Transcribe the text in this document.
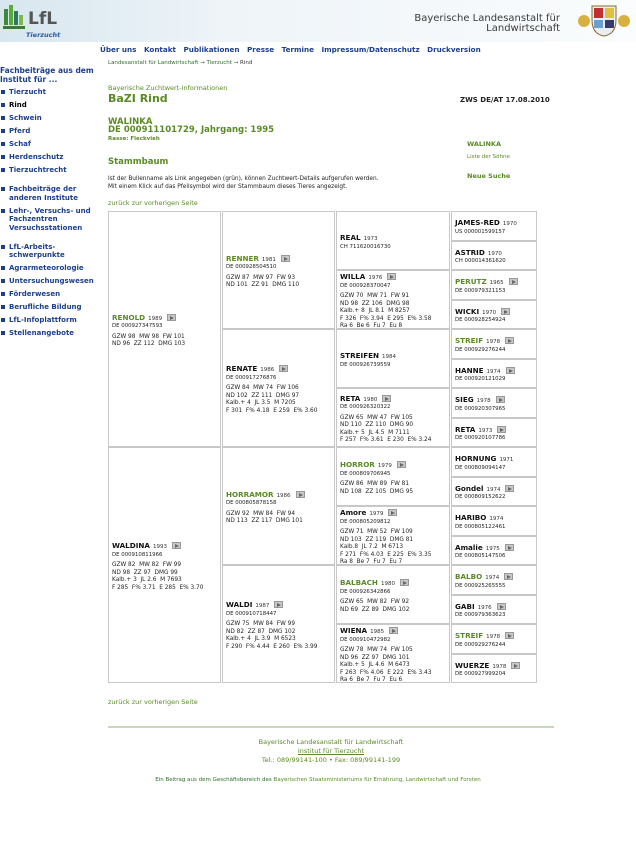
LfL
Tierzucht
Bayerische Landesanstalt für
Landwirtschaft
Über uns Kontakt Publikationen Presse Termine Impressum/Datenschutz Druckversion
Landesanstalt für Landwirtschaft → Tierzucht → Rind
Fachbeiträge aus dem Institut für ...
Tierzucht
Rind
Schwein
Pferd
Schaf
Herdenschutz
Tierzuchtrecht
Fachbeiträge der anderen Institute
Lehr-, Versuchs- und Fachzentren Versuchsstationen
LfL-Arbeits-schwerpunkte
Agrarmeteorologie
Untersuchungswesen
Förderwesen
Berufliche Bildung
LfL-Infoplattform
Stellenangebote
Bayerische Zuchtwert-Informationen
BaZI Rind	ZWS DE/AT 17.08.2010
WALINKA
DE 000911101729, Jahrgang: 1995
Rasse: Fleckvieh
WALINKA
Liste der Söhne
Neue Suche
Stammbaum
Ist der Bullenname als Link angegeben (grün), können Zuchtwert-Details aufgerufen werden.
Mit einem Klick auf das Pfeilsymbol wird der Stammbaum dieses Tieres angezeigt.
zurück zur vorherigen Seite
RENOLD 1989
DE 000927347593
GZW 98  MW 98  FW 101
ND 96  ZZ 112  DMG 103
WALDINA 1993
DE 000910811966
GZW 82  MW 82  FW 99
ND 98  ZZ 97  DMG 99
Kalb.+ 3  JL 2.6  M 7693
F 285  F% 3.71  E 285  E% 3.70
RENNER 1981
DE 000928504510
GZW 87  MW 97  FW 93
ND 101  ZZ 91  DMG 110
RENATE 1986
DE 000917276876
GZW 84  MW 74  FW 106
ND 102  ZZ 111  DMG 97
Kalb.+ 4  JL 3.5  M 7205
F 301  F% 4.18  E 259  E% 3.60
HORRAMOR 1986
DE 000805878158
GZW 92  MW 84  FW 94
ND 113  ZZ 117  DMG 101
WALDI 1987
DE 000910718447
GZW 75  MW 84  FW 99
ND 82  ZZ 87  DMG 102
Kalb.+ 4  JL 3.9  M 6523
F 290  F% 4.44  E 260  E% 3.99
REAL 1973
CH 711620016730
WILLA 1976
DE 000928370047
GZW 70  MW 71  FW 91
ND 98  ZZ 106  DMG 98
Kalb.+ 8  JL 8.1  M 8257
F 326  F% 3.94  E 295  E% 3.58
Ra 6  Be 6  Fu 7  Eu 8
STREIFEN 1984
DE 000926739559
RETA 1980
DE 000926320322
GZW 65  MW 47  FW 105
ND 110  ZZ 110  DMG 90
Kalb.+ 5  JL 4.5  M 7111
F 257  F% 3.61  E 230  E% 3.24
HORROR 1979
DE 000809706945
GZW 86  MW 89  FW 81
ND 108  ZZ 105  DMG 95
Amore 1979
DE 000805209812
GZW 71  MW 52  FW 109
ND 103  ZZ 119  DMG 81
Kalb.8  JL 7.2  M 6713
F 271  F% 4.03  E 225  E% 3.35
Ra 8  Be 7  Fu 7  Eu 7
BALBACH 1980
DE 000926342866
GZW 65  MW 82  FW 92
ND 69  ZZ 89  DMG 102
WIENA 1985
DE 000910472982
GZW 78  MW 74  FW 105
ND 96  ZZ 97  DMG 101
Kalb.+ 5  JL 4.6  M 6473
F 263  F% 4.06  E 222  E% 3.43
Ra 6  Be 7  Fu 7  Eu 6
JAMES-RED 1970
US 000001599157
ASTRID 1970
CH 000014361620
PERUTZ 1965
DE 000979321153
WICKI 1970
DE 000928254924
STREIF 1978
DE 000929276244
HANNE 1974
DE 000920121029
SIEG 1978
DE 000920307965
RETA 1973
DE 000920107786
HORNUNG 1971
DE 000809094147
Gondel 1974
DE 000809152622
HARIBO 1974
DE 000805122461
Amalie 1975
DE 000805147506
BALBO 1974
DE 000925265555
GABI 1976
DE 000979363623
STREIF 1978
DE 000929276244
WUERZE 1978
DE 000927999204
zurück zur vorherigen Seite
Bayerische Landesanstalt für Landwirtschaft
Institut für Tierzucht
Tel.: 089/99141-100 • Fax: 089/99141-199
Ein Beitrag aus dem Geschäftsbereich des Bayerischen Staatsministeriums für Ernährung, Landwirtschaft und Forsten
